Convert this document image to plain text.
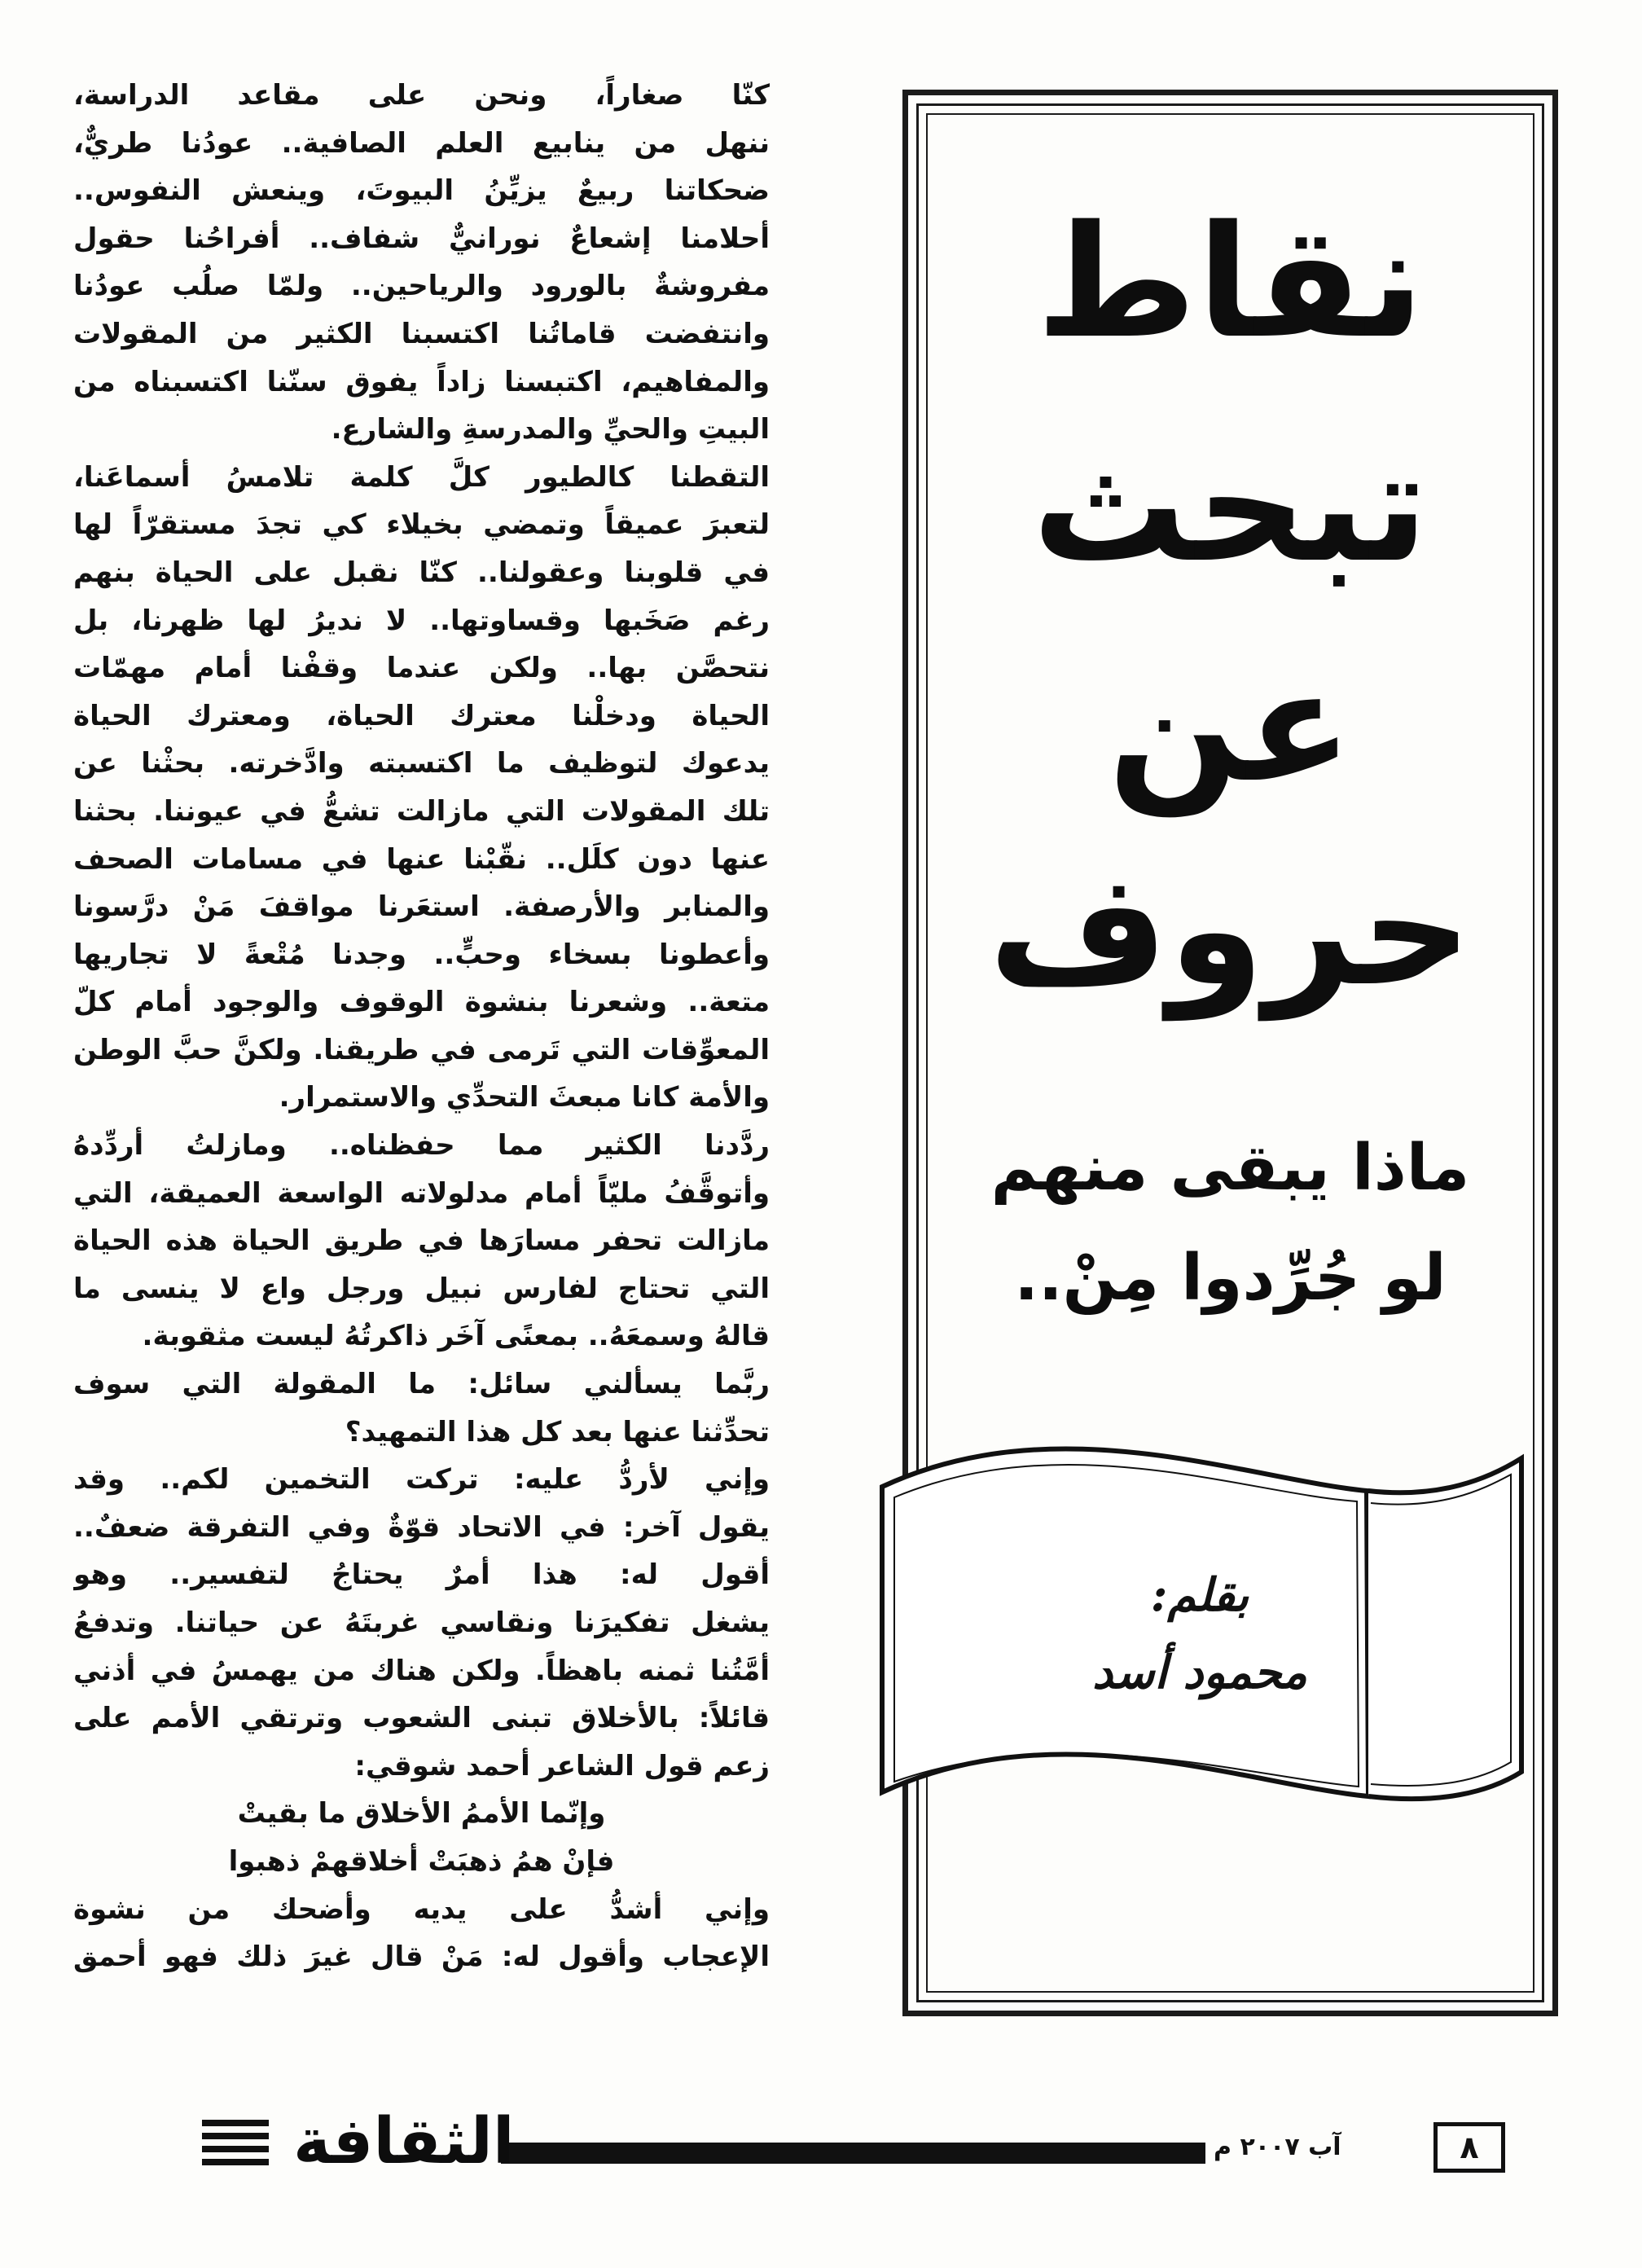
نقاط
تبحث
عن
حروف
ماذا يبقى منهم
لو جُرِّدوا مِنْ..
بقلم:
محمود أسد
كنّا صغاراً، ونحن على مقاعد الدراسة،
ننهل من ينابيع العلم الصافية.. عودُنا طريٌّ،
ضحكاتنا ربيعٌ يزيِّنُ البيوتَ، وينعش النفوس..
أحلامنا إشعاعٌ نورانيٌّ شفاف.. أفراحُنا حقول
مفروشةٌ بالورود والرياحين.. ولمّا صلُب عودُنا
وانتفضت قاماتُنا اكتسبنا الكثير من المقولات
والمفاهيم، اكتبسنا زاداً يفوق سنّنا اكتسبناه من
البيتِ والحيِّ والمدرسةِ والشارع.
التقطنا كالطيور كلَّ كلمة تلامسُ أسماعَنا،
لتعبرَ عميقاً وتمضي بخيلاء كي تجدَ مستقرّاً لها
في قلوبنا وعقولنا.. كنّا نقبل على الحياة بنهم
رغم صَخَبها وقساوتها.. لا نديرُ لها ظهرنا، بل
نتحصَّن بها.. ولكن عندما وقفْنا أمام مهمّات
الحياة ودخلْنا معترك الحياة، ومعترك الحياة
يدعوك لتوظيف ما اكتسبته وادَّخرته. بحثْنا عن
تلك المقولات التي مازالت تشعُّ في عيوننا. بحثنا
عنها دون كلَل.. نقّبْنا عنها في مسامات الصحف
والمنابر والأرصفة. استعَرنا مواقفَ مَنْ درَّسونا
وأعطونا بسخاء وحبٍّ.. وجدنا مُتْعةً لا تجاريها
متعة.. وشعرنا بنشوة الوقوف والوجود أمام كلّ
المعوِّقات التي تَرمى في طريقنا. ولكنَّ حبَّ الوطن
والأمة كانا مبعثَ التحدِّي والاستمرار.
ردَّدنا الكثير مما حفظناه.. ومازلتُ أردِّدهُ
وأتوقَّفُ مليّاً أمام مدلولاته الواسعة العميقة، التي
مازالت تحفر مسارَها في طريق الحياة هذه الحياة
التي تحتاج لفارس نبيل ورجل واع لا ينسى ما
قالهُ وسمعَهُ.. بمعنًى آخَر ذاكرتُهُ ليست مثقوبة.
ربَّما يسألني سائل: ما المقولة التي سوف
تحدِّثنا عنها بعد كل هذا التمهيد؟
وإني لأردُّ عليه: تركت التخمين لكم.. وقد
يقول آخر: في الاتحاد قوّةٌ وفي التفرقة ضعفٌ..
أقول له: هذا أمرٌ يحتاجُ لتفسير.. وهو
يشغل تفكيرَنا ونقاسي غربتَهُ عن حياتنا. وتدفعُ
أمَّتُنا ثمنه باهظاً. ولكن هناك من يهمسُ في أذني
قائلاً: بالأخلاق تبنى الشعوب وترتقي الأمم على
زعم قول الشاعر أحمد شوقي:
وإنّما الأممُ الأخلاق ما بقيتْ
فإنْ همُ ذهبَتْ أخلاقهمْ ذهبوا
وإني أشدُّ على يديه وأضحك من نشوة
الإعجاب وأقول له: مَنْ قال غيرَ ذلك فهو أحمق
٨
آب ٢٠٠٧ م
الثقافة
